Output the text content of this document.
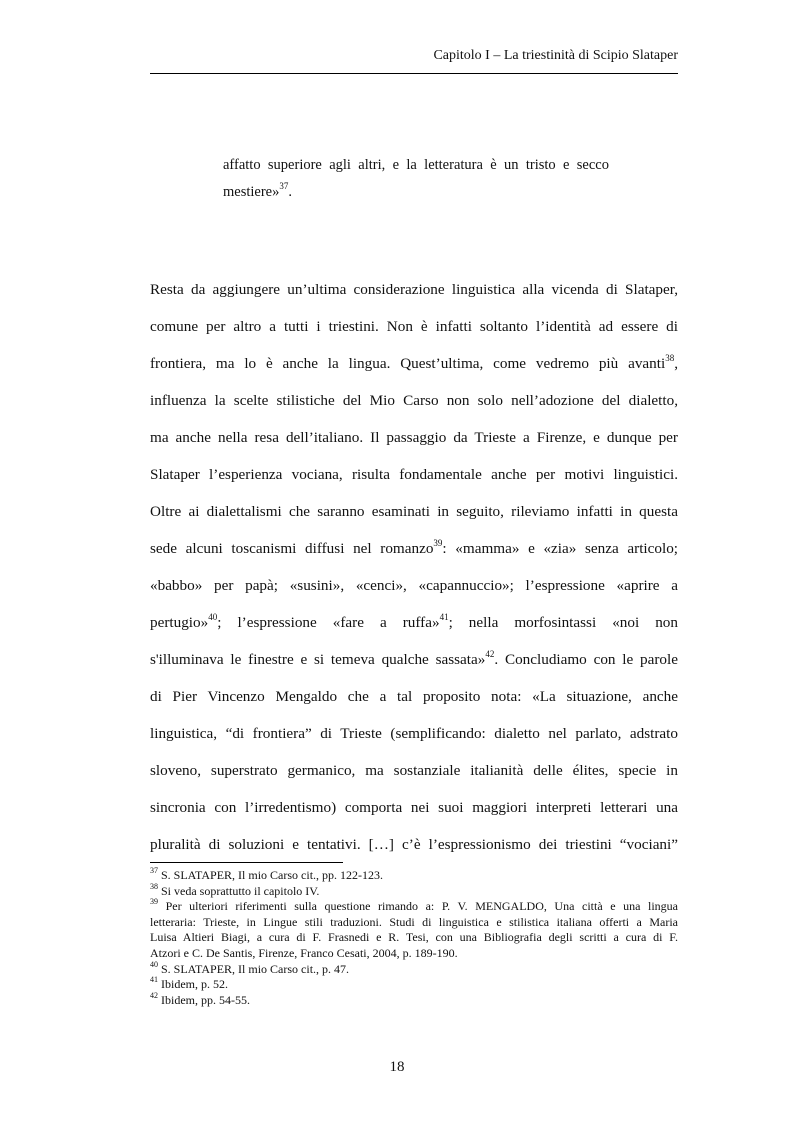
Capitolo I – La triestinità di Scipio Slataper
affatto superiore agli altri, e la letteratura è un tristo e secco
mestiere»$^{37}$.
Resta da aggiungere un’ultima considerazione linguistica alla vicenda di Slataper,
comune per altro a tutti i triestini. Non è infatti soltanto l’identità ad essere di
frontiera, ma lo è anche la lingua. Quest’ultima, come vedremo più avanti$^{38}$,
influenza la scelte stilistiche del Mio Carso non solo nell’adozione del dialetto,
ma anche nella resa dell’italiano. Il passaggio da Trieste a Firenze, e dunque per
Slataper l’esperienza vociana, risulta fondamentale anche per motivi linguistici.
Oltre ai dialettalismi che saranno esaminati in seguito, rileviamo infatti in questa
sede alcuni toscanismi diffusi nel romanzo$^{39}$: «mamma» e «zia» senza articolo;
«babbo» per papà; «susini», «cenci», «capannuccio»; l’espressione «aprire a
pertugio»$^{40}$; l’espressione «fare a ruffa»$^{41}$; nella morfosintassi «noi non
s'illuminava le finestre e si temeva qualche sassata»$^{42}$. Concludiamo con le parole
di Pier Vincenzo Mengaldo che a tal proposito nota: «La situazione, anche
linguistica, “di frontiera” di Trieste (semplificando: dialetto nel parlato, adstrato
sloveno, superstrato germanico, ma sostanziale italianità delle élites, specie in
sincronia con l’irredentismo) comporta nei suoi maggiori interpreti letterari una
pluralità di soluzioni e tentativi. […] c’è l’espressionismo dei triestini “vociani”
$^{37}$ S. SLATAPER, Il mio Carso cit., pp. 122-123.
$^{38}$ Si veda soprattutto il capitolo IV.
$^{39}$ Per ulteriori riferimenti sulla questione rimando a: P. V. MENGALDO, Una città e una lingua
letteraria: Trieste, in Lingue stili traduzioni. Studi di linguistica e stilistica italiana offerti a Maria
Luisa Altieri Biagi, a cura di F. Frasnedi e R. Tesi, con una Bibliografia degli scritti a cura di F.
Atzori e C. De Santis, Firenze, Franco Cesati, 2004, p. 189-190.
$^{40}$ S. SLATAPER, Il mio Carso cit., p. 47.
$^{41}$ Ibidem, p. 52.
$^{42}$ Ibidem, pp. 54-55.
18
